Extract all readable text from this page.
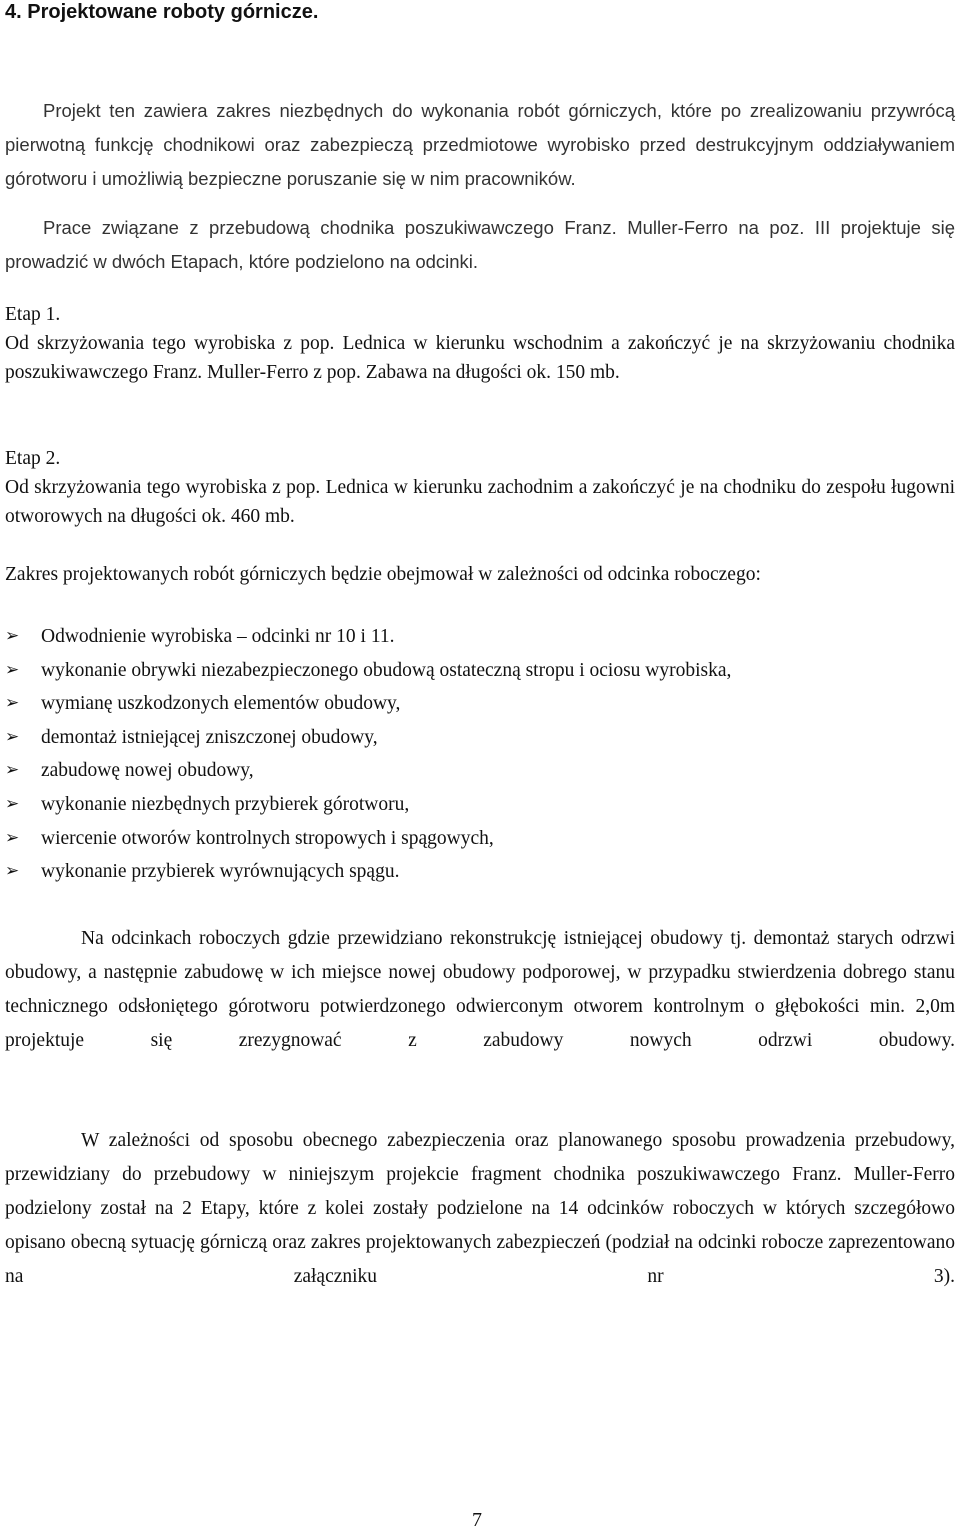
4. Projektowane roboty górnicze.
Projekt ten zawiera zakres niezbędnych do wykonania robót górniczych, które po zrealizowaniu przywrócą pierwotną funkcję chodnikowi oraz zabezpieczą przedmiotowe wyrobisko przed destrukcyjnym oddziaływaniem górotworu i umożliwią bezpieczne poruszanie się w nim pracowników.
Prace związane z przebudową chodnika poszukiwawczego Franz. Muller-Ferro na poz. III projektuje się prowadzić w dwóch Etapach, które podzielono na odcinki.
Etap 1.
Od skrzyżowania tego wyrobiska z pop. Lednica w kierunku wschodnim a zakończyć je na skrzyżowaniu chodnika poszukiwawczego Franz. Muller-Ferro z pop. Zabawa na długości ok. 150 mb.
Etap 2.
Od skrzyżowania tego wyrobiska z pop. Lednica w kierunku zachodnim a zakończyć je na chodniku do zespołu ługowni otworowych na długości ok. 460 mb.
Zakres projektowanych robót górniczych będzie obejmował w zależności od odcinka roboczego:
➢ Odwodnienie wyrobiska – odcinki nr 10 i 11.
➢ wykonanie obrywki niezabezpieczonego obudową ostateczną stropu i ociosu wyrobiska,
➢ wymianę uszkodzonych elementów obudowy,
➢ demontaż istniejącej zniszczonej obudowy,
➢ zabudowę nowej obudowy,
➢ wykonanie niezbędnych przybierek górotworu,
➢ wiercenie otworów kontrolnych stropowych i spągowych,
➢ wykonanie przybierek wyrównujących spągu.
Na odcinkach roboczych gdzie przewidziano rekonstrukcję istniejącej obudowy tj. demontaż starych odrzwi obudowy, a następnie zabudowę w ich miejsce nowej obudowy podporowej, w przypadku stwierdzenia dobrego stanu technicznego odsłoniętego górotworu potwierdzonego odwierconym otworem kontrolnym o głębokości min. 2,0m projektuje się zrezygnować z zabudowy nowych odrzwi obudowy.
W zależności od sposobu obecnego zabezpieczenia oraz planowanego sposobu prowadzenia przebudowy, przewidziany do przebudowy w niniejszym projekcie fragment chodnika poszukiwawczego Franz. Muller-Ferro podzielony został na 2 Etapy, które z kolei zostały podzielone na 14 odcinków roboczych w których szczegółowo opisano obecną sytuację górniczą oraz zakres projektowanych zabezpieczeń (podział na odcinki robocze zaprezentowano na załączniku nr 3).
7
